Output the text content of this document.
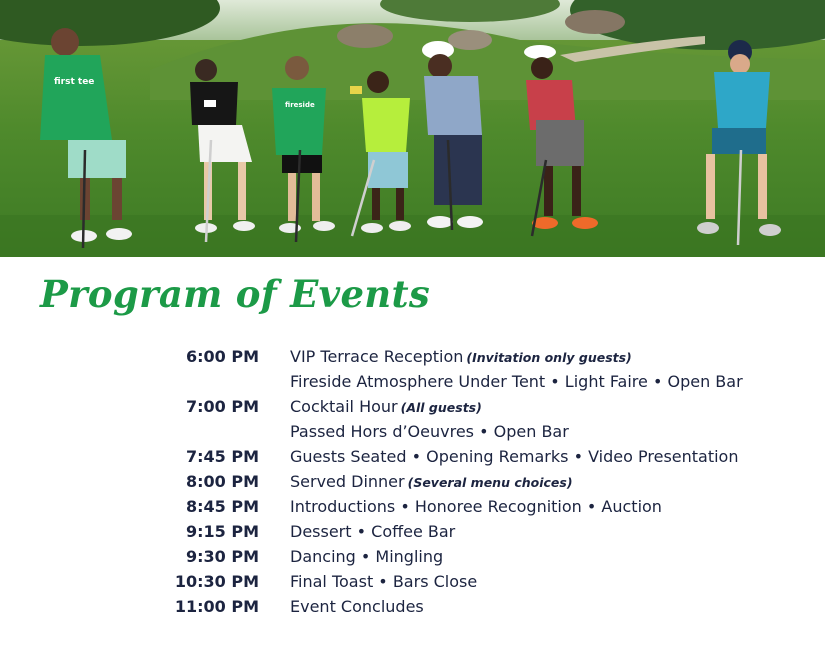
first tee
fireside
Program of Events
6:00 PM VIP Terrace Reception (Invitation only guests)
Fireside Atmosphere Under Tent • Light Faire • Open Bar
7:00 PM Cocktail Hour (All guests)
Passed Hors d’Oeuvres • Open Bar
7:45 PM Guests Seated • Opening Remarks • Video Presentation
8:00 PM Served Dinner (Several menu choices)
8:45 PM Introductions • Honoree Recognition • Auction
9:15 PM Dessert • Coffee Bar
9:30 PM Dancing • Mingling
10:30 PM Final Toast • Bars Close
11:00 PM Event Concludes
